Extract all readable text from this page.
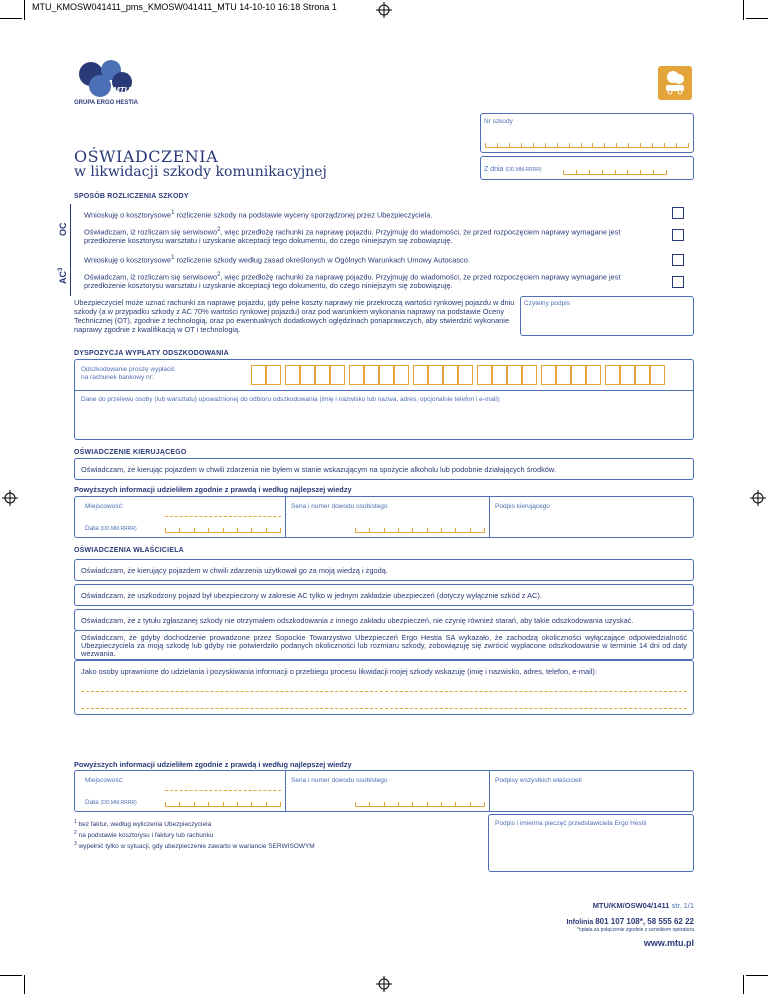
MTU_KMOSW041411_pms_KMOSW041411_MTU 14-10-10 16:18 Strona 1
MTU
GRUPA ERGO HESTIA
OŚWIADCZENIA
w likwidacji szkody komunikacyjnej
Nr szkody
Z dnia (DD.MM.RRRR)
SPOSÓB ROZLICZENIA SZKODY
OC
$AC^3$
Wnioskuję o kosztorysowe$^1$ rozliczenie szkody na podstawie wyceny sporządzonej przez Ubezpieczyciela.
Oświadczam, iż rozliczam się serwisowo$^2$, więc przedłożę rachunki za naprawę pojazdu. Przyjmuję do wiadomości, że przed rozpoczęciem naprawy wymagane jest przedłożenie kosztorysu warsztatu i uzyskanie akceptacji tego dokumentu, do czego niniejszym się zobowiązuję.
Wnioskuję o kosztorysowe$^1$ rozliczenie szkody według zasad określonych w Ogólnych Warunkach Umowy Autocasco.
Oświadczam, iż rozliczam się serwisowo$^2$, więc przedłożę rachunki za naprawę pojazdu. Przyjmuję do wiadomości, że przed rozpoczęciem naprawy wymagane jest przedłożenie kosztorysu warsztatu i uzyskanie akceptacji tego dokumentu, do czego niniejszym się zobowiązuję.
Ubezpieczyciel może uznać rachunki za naprawę pojazdu, gdy pełne koszty naprawy nie przekroczą wartości rynkowej pojazdu w dniu szkody (a w przypadku szkody z AC 70% wartości rynkowej pojazdu) oraz pod warunkiem wykonania naprawy na podstawie Oceny Technicznej (OT), zgodnie z technologią, oraz po ewentualnych dodatkowych oględzinach ponaprawczych, aby stwierdzić wykonanie naprawy zgodnie z kwalifikacją w OT i technologią.
Czytelny podpis
DYSPOZYCJA WYPŁATY ODSZKODOWANIA
Odszkodowanie proszę wypłacić
na rachunek bankowy nr:
Dane do przelewu osoby (lub warsztatu) upoważnionej do odbioru odszkodowania (imię i nazwisko lub nazwa, adres, opcjonalnie telefon i e-mail):
OŚWIADCZENIE KIERUJĄCEGO
Oświadczam, że kierując pojazdem w chwili zdarzenia nie byłem w stanie wskazującym na spożycie alkoholu lub podobnie działających środków.
Powyższych informacji udzieliłem zgodnie z prawdą i według najlepszej wiedzy
Miejscowość:
Data (DD.MM.RRRR)
Seria i numer dowodu osobistego	Podpis kierującego
OŚWIADCZENIA WŁAŚCICIELA
Oświadczam, że kierujący pojazdem w chwili zdarzenia użytkował go za moją wiedzą i zgodą.
Oświadczam, że uszkodzony pojazd był ubezpieczony w zakresie AC tylko w jednym zakładzie ubezpieczeń (dotyczy wyłącznie szkód z AC).
Oświadczam, że z tytułu zgłaszanej szkody nie otrzymałem odszkodowania z innego zakładu ubezpieczeń, nie czynię również starań, aby takie odszkodowania uzyskać.
Oświadczam, że gdyby dochodzenie prowadzone przez Sopockie Towarzystwo Ubezpieczeń Ergo Hestia SA wykazało, że zachodzą okoliczności wyłączające odpowiedzialność Ubezpieczyciela za moją szkodę lub gdyby nie potwierdziło podanych okoliczności lub rozmiaru szkody, zobowiązuję się zwrócić wypłacone odszkodowanie w terminie 14 dni od daty wezwania.
Jako osoby uprawnione do udzielania i pozyskiwania informacji o przebiegu procesu likwidacji mojej szkody wskazuję (imię i nazwisko, adres, telefon, e-mail):
Powyższych informacji udzieliłem zgodnie z prawdą i według najlepszej wiedzy
Miejscowość:
Data (DD.MM.RRRR)
Seria i numer dowodu osobistego	Podpisy wszystkich właścicieli
Podpis i imienna pieczęć przedstawiciela Ergo Hestii
$^1$ bez faktur, według wyliczenia Ubezpieczyciela
$^2$ na podstawie kosztorysu i faktury lub rachunku
$^3$ wypełnić tylko w sytuacji, gdy ubezpieczenie zawarto w wariancie SERWISOWYM
MTU/KM/OSW04/1411 str. 1/1
Infolinia 801 107 108*, 58 555 62 22
*opłata za połączenie zgodnie z cennikiem operatora
www.mtu.pl
